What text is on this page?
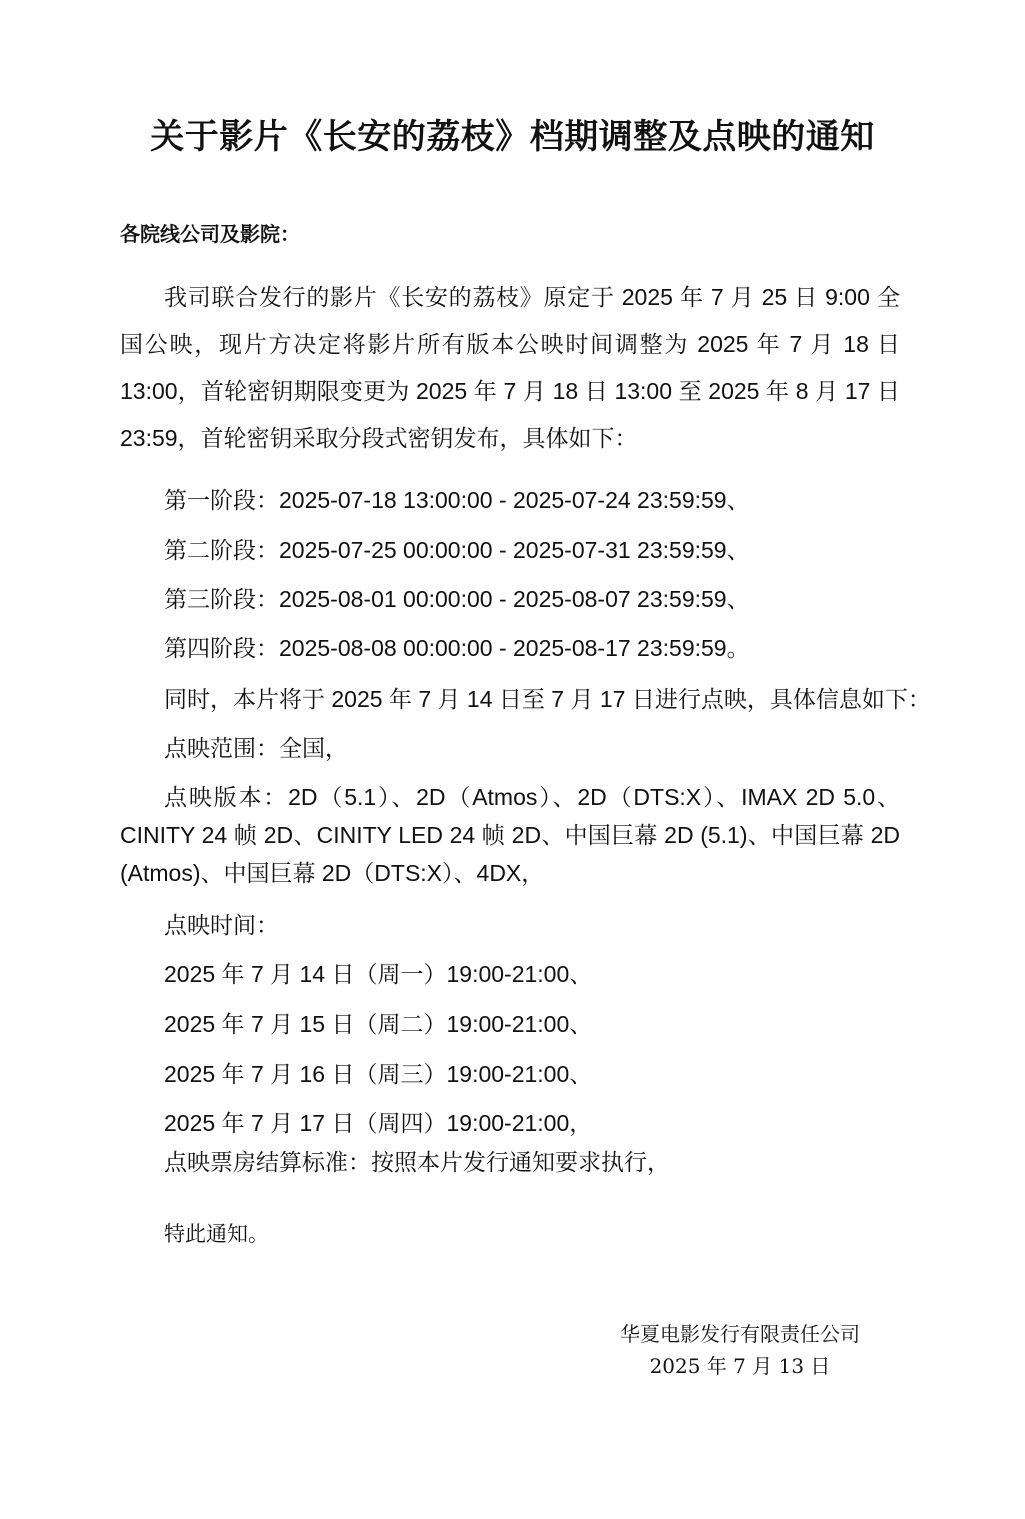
关于影片《长安的荔枝》档期调整及点映的通知
各院线公司及影院：
我司联合发行的影片《长安的荔枝》原定于 2025 年 7 月 25 日 9:00 全国公映，现片方决定将影片所有版本公映时间调整为 2025 年 7 月 18 日 13:00，首轮密钥期限变更为 2025 年 7 月 18 日 13:00 至 2025 年 8 月 17 日 23:59，首轮密钥采取分段式密钥发布，具体如下：
第一阶段：2025-07-18 13:00:00 - 2025-07-24 23:59:59、
第二阶段：2025-07-25 00:00:00 - 2025-07-31 23:59:59、
第三阶段：2025-08-01 00:00:00 - 2025-08-07 23:59:59、
第四阶段：2025-08-08 00:00:00 - 2025-08-17 23:59:59。
同时，本片将于 2025 年 7 月 14 日至 7 月 17 日进行点映，具体信息如下：
点映范围：全国，
点映版本：2D（5.1）、2D（Atmos）、2D（DTS:X）、IMAX 2D 5.0、CINITY 24 帧 2D、CINITY LED 24 帧 2D、中国巨幕 2D (5.1)、中国巨幕 2D (Atmos)、中国巨幕 2D（DTS:X）、4DX，
点映时间：
2025 年 7 月 14 日（周一）19:00-21:00、
2025 年 7 月 15 日（周二）19:00-21:00、
2025 年 7 月 16 日（周三）19:00-21:00、
2025 年 7 月 17 日（周四）19:00-21:00，
点映票房结算标准：按照本片发行通知要求执行，
特此通知。
华夏电影发行有限责任公司
2025 年 7 月 13 日
